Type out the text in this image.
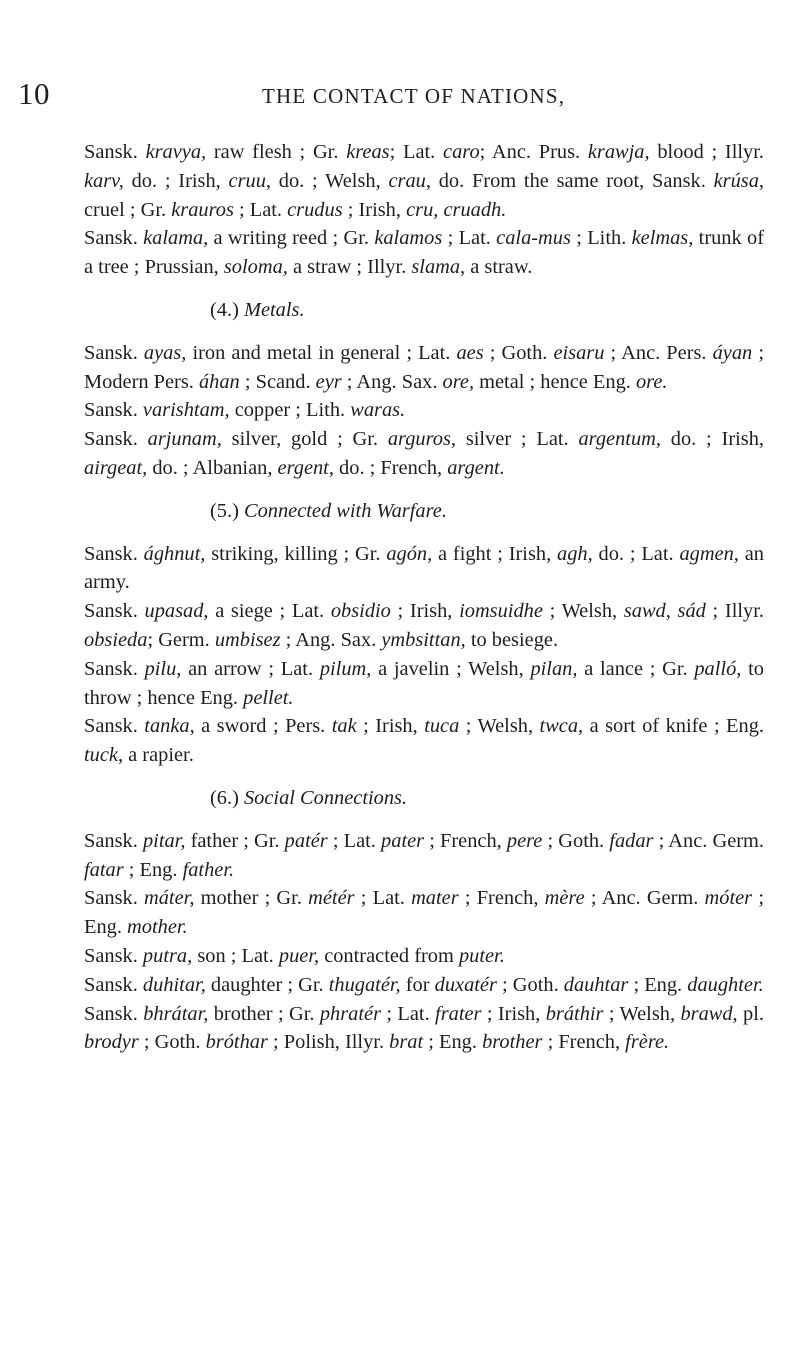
10	THE CONTACT OF NATIONS,

Sansk. kravya, raw flesh ; Gr. kreas; Lat. caro; Anc. Prus. krawja, blood ; Illyr. karv, do. ; Irish, cruu, do. ; Welsh, crau, do. From the same root, Sansk. krúsa, cruel ; Gr. krauros ; Lat. crudus ; Irish, cru, cruadh.

Sansk. kalama, a writing reed ; Gr. kalamos ; Lat. cala-mus ; Lith. kelmas, trunk of a tree ; Prussian, soloma, a straw ; Illyr. slama, a straw.

(4.) Metals.

Sansk. ayas, iron and metal in general ; Lat. aes ; Goth. eisaru ; Anc. Pers. áyan ; Modern Pers. áhan ; Scand. eyr ; Ang. Sax. ore, metal ; hence Eng. ore.

Sansk. varishtam, copper ; Lith. waras.

Sansk. arjunam, silver, gold ; Gr. arguros, silver ; Lat. argentum, do. ; Irish, airgeat, do. ; Albanian, ergent, do. ; French, argent.

(5.) Connected with Warfare.

Sansk. ághnut, striking, killing ; Gr. agón, a fight ; Irish, agh, do. ; Lat. agmen, an army.

Sansk. upasad, a siege ; Lat. obsidio ; Irish, iomsuidhe ; Welsh, sawd, sád ; Illyr. obsieda; Germ. umbisez ; Ang. Sax. ymbsittan, to besiege.

Sansk. pilu, an arrow ; Lat. pilum, a javelin ; Welsh, pilan, a lance ; Gr. palló, to throw ; hence Eng. pellet.

Sansk. tanka, a sword ; Pers. tak ; Irish, tuca ; Welsh, twca, a sort of knife ; Eng. tuck, a rapier.

(6.) Social Connections.

Sansk. pitar, father ; Gr. patér ; Lat. pater ; French, pere ; Goth. fadar ; Anc. Germ. fatar ; Eng. father.

Sansk. máter, mother ; Gr. métér ; Lat. mater ; French, mère ; Anc. Germ. móter ; Eng. mother.

Sansk. putra, son ; Lat. puer, contracted from puter.

Sansk. duhitar, daughter ; Gr. thugatér, for duxatér ; Goth. dauhtar ; Eng. daughter.

Sansk. bhrátar, brother ; Gr. phratér ; Lat. frater ; Irish, bráthir ; Welsh, brawd, pl. brodyr ; Goth. bróthar ; Polish, Illyr. brat ; Eng. brother ; French, frère.
